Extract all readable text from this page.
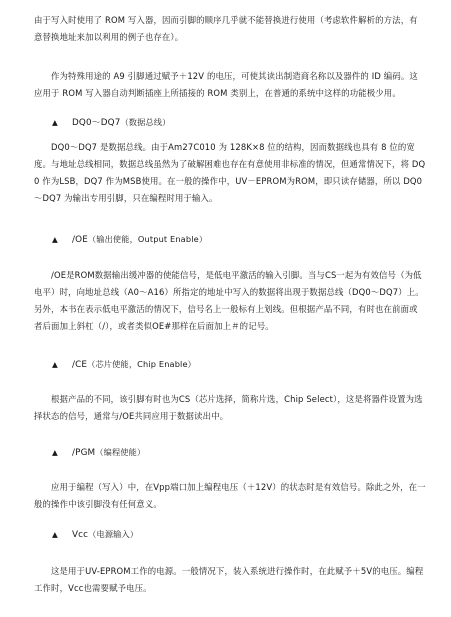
由于写入时使用了 ROM 写入器，因而引脚的顺序几乎就不能替换进行使用（考虑软件解析的方法，有意替换地址来加以利用的例子也存在）。

作为特殊用途的 A9 引脚通过赋予＋12V 的电压，可使其读出制造商名称以及器件的 ID 编码。这应用于 ROM 写入器自动判断插座上所插接的 ROM 类别上，在普通的系统中这样的功能极少用。

▲ DQ0～DQ7（数据总线）

DQ0～DQ7 是数据总线。由于Am27C010 为 128K×8 位的结构，因而数据线也具有 8 位的宽度。与地址总线相同，数据总线虽然为了破解困难也存在有意使用非标准的情况，但通常情况下，将 DQ0 作为LSB，DQ7 作为MSB使用。在一般的操作中，UV－EPROM为ROM，即只读存储器，所以 DQ0～DQ7 为输出专用引脚，只在编程时用于输入。

▲ /OE（输出使能，Output Enable）

/OE是ROM数据输出缓冲器的使能信号，是低电平激活的输入引脚。当与CS一起为有效信号（为低电平）时，向地址总线（A0～A16）所指定的地址中写入的数据将出现于数据总线（DQ0～DQ7）上。另外，本书在表示低电平激活的情况下，信号名上一般标有上划线。但根据产品不同，有时也在前面或者后面加上斜杠（/），或者类似OE#那样在后面加上＃的记号。

▲ /CE（芯片使能，Chip Enable）

根据产品的不同，该引脚有时也为CS（芯片选择，简称片选，Chip Select），这是将器件设置为选择状态的信号，通常与/OE共同应用于数据读出中。

▲ /PGM（编程使能）

应用于编程（写入）中，在Vpp端口加上编程电压（＋12V）的状态时是有效信号。除此之外，在一般的操作中该引脚没有任何意义。

▲ Vcc（电源输入）

这是用于UV-EPROM工作的电源。一般情况下，装入系统进行操作时，在此赋予＋5V的电压。编程工作时，Vcc也需要赋予电压。
